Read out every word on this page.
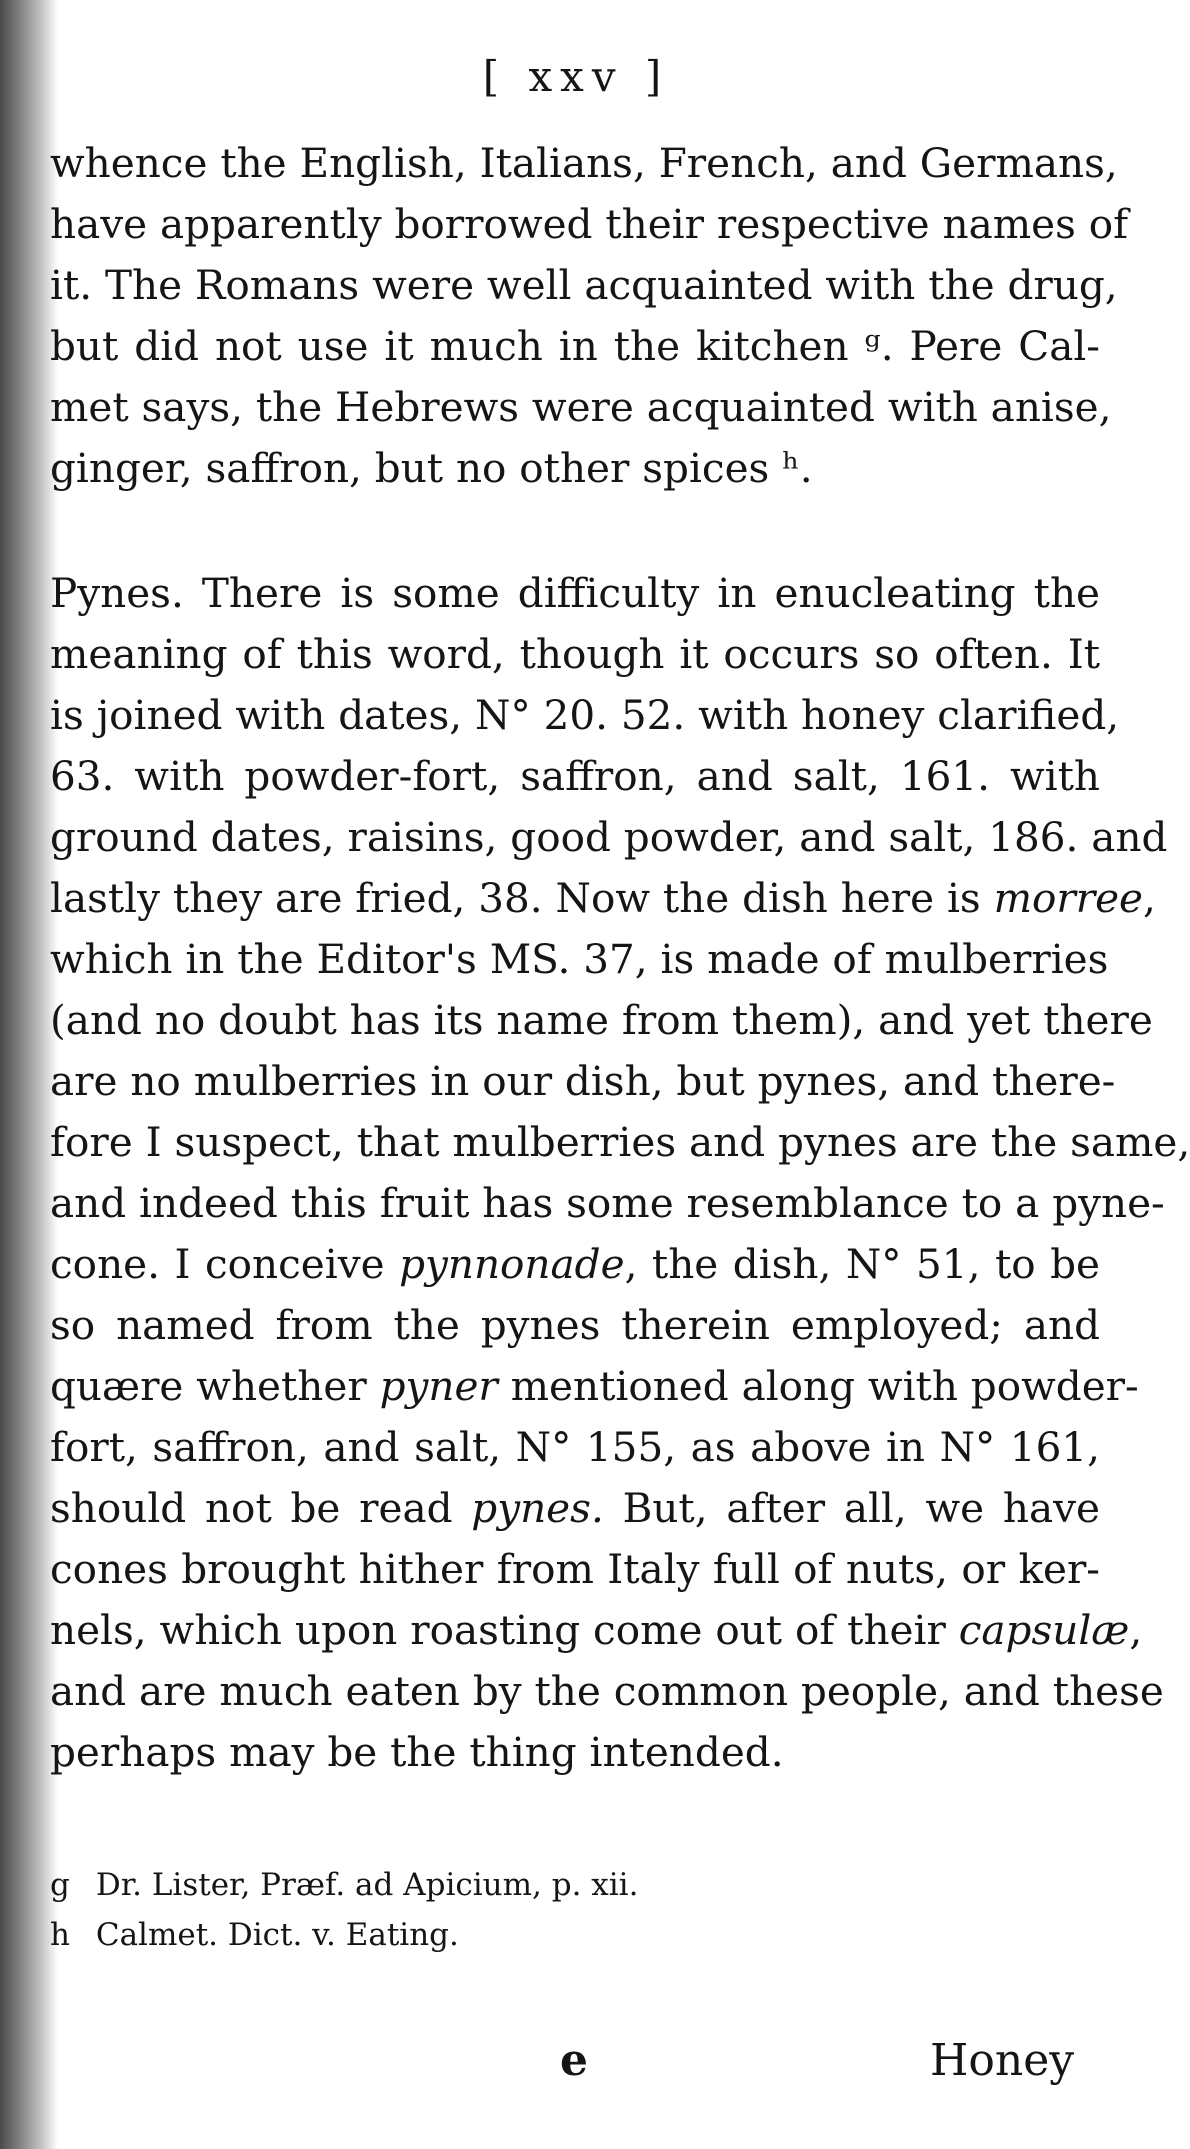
[ xxv ]
whence the English, Italians, French, and Germans,
have apparently borrowed their respective names of
it. The Romans were well acquainted with the drug,
but did not use it much in the kitchen ᵍ. Pere Cal-
met says, the Hebrews were acquainted with anise,
ginger, saffron, but no other spices ʰ.
Pynes. There is some difficulty in enucleating the
meaning of this word, though it occurs so often. It
is joined with dates, N° 20. 52. with honey clarified,
63. with powder-fort, saffron, and salt, 161. with
ground dates, raisins, good powder, and salt, 186. and
lastly they are fried, 38. Now the dish here is morree,
which in the Editor's MS. 37, is made of mulberries
(and no doubt has its name from them), and yet there
are no mulberries in our dish, but pynes, and there-
fore I suspect, that mulberries and pynes are the same,
and indeed this fruit has some resemblance to a pyne-
cone. I conceive pynnonade, the dish, N° 51, to be
so named from the pynes therein employed; and
quære whether pyner mentioned along with powder-
fort, saffron, and salt, N° 155, as above in N° 161,
should not be read pynes. But, after all, we have
cones brought hither from Italy full of nuts, or ker-
nels, which upon roasting come out of their capsulæ,
and are much eaten by the common people, and these
perhaps may be the thing intended.
g Dr. Lister, Præf. ad Apicium, p. xii.
h Calmet. Dict. v. Eating.
e	Honey
